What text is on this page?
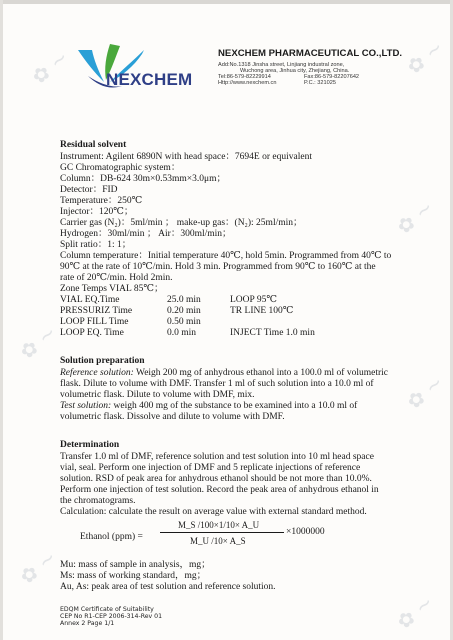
✿ ~	✿ ~
✿ ~
✿ ~
✿ ~
✿ ~
✿ ~
NEXCHEM
NEXCHEM PHARMACEUTICAL CO.,LTD.
Add:No.1318 Jinsha street, Linjiang industral zone,
Wuchong area, Jinhua city, Zhejiang, China.
Tel:86-579-82229914	Fax:86-579-82207642
Http://www.nexchem.cn	P.C.: 321025
Residual solvent
Instrument: Agilent 6890N with head space：7694E or equivalent
GC Chromatographic system：
Column：DB-624 30m×0.53mm×3.0μm；
Detector：FID
Temperature：250℃
Injector：120℃；
Carrier gas (N₂)：5ml/min ； make-up gas：(N₂): 25ml/min；
Hydrogen：30ml/min ； Air：300ml/min；
Split ratio：1: 1；
Column temperature：Initial temperature 40℃, hold 5min. Programmed from 40℃ to
90℃ at the rate of 10℃/min. Hold 3 min. Programmed from 90℃ to 160℃ at the
rate of 20℃/min. Hold 2min.
Zone Temps VIAL 85℃；
VIAL EQ.Time	25.0 min	LOOP 95℃
PRESSURIZ Time	0.20 min	TR LINE 100℃
LOOP FILL Time	0.50 min
LOOP EQ. Time	0.0 min	INJECT Time 1.0 min
Solution preparation
Reference solution: Weigh 200 mg of anhydrous ethanol into a 100.0 ml of volumetric
flask. Dilute to volume with DMF. Transfer 1 ml of such solution into a 10.0 ml of
volumetric flask. Dilute to volume with DMF, mix.
Test solution: weigh 400 mg of the substance to be examined into a 10.0 ml of
volumetric flask. Dissolve and dilute to volume with DMF.
Determination
Transfer 1.0 ml of DMF, reference solution and test solution into 10 ml head space
vial, seal. Perform one injection of DMF and 5 replicate injections of reference
solution. RSD of peak area for anhydrous ethanol should be not more than 10.0%.
Perform one injection of test solution. Record the peak area of anhydrous ethanol in
the chromatograms.
Calculation: calculate the result on average value with external standard method.
Ethanol (ppm) =
M_S /100×1/10× A_U
M_U /10× A_S
×1000000
Mu: mass of sample in analysis，mg；
Ms: mass of working standard，mg；
Au, As: peak area of test solution and reference solution.
EDQM Certificate of Suitability
CEP No R1-CEP 2006-314-Rev 01
Annex 2 Page 1/1
